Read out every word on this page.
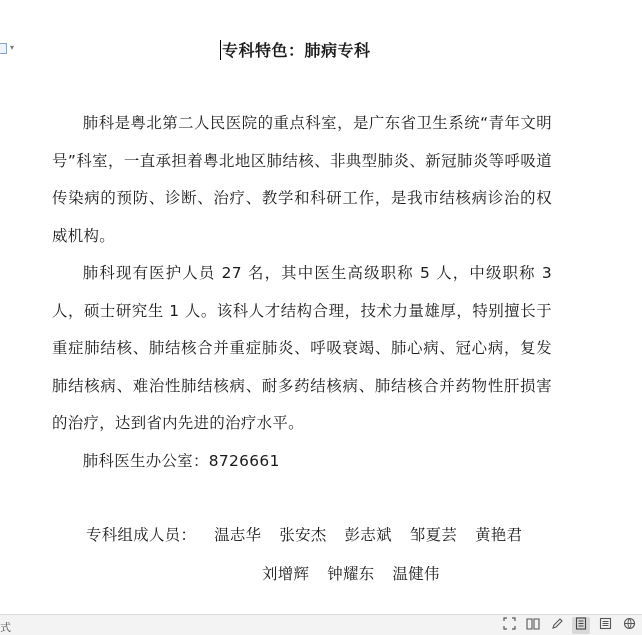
▾	专科特色：肺病专科
肺科是粤北第二人民医院的重点科室，是广东省卫生系统“青年文明号”科室，一直承担着粤北地区肺结核、非典型肺炎、新冠肺炎等呼吸道传染病的预防、诊断、治疗、教学和科研工作，是我市结核病诊治的权威机构。
肺科现有医护人员 27 名，其中医生高级职称 5 人，中级职称 3 人，硕士研究生 1 人。该科人才结构合理，技术力量雄厚，特别擅长于重症肺结核、肺结核合并重症肺炎、呼吸衰竭、肺心病、冠心病，复发肺结核病、难治性肺结核病、耐多药结核病、肺结核合并药物性肝损害的治疗，达到省内先进的治疗水平。
肺科医生办公室：8726661
专科组成人员： 温志华 张安杰 彭志斌 邹夏芸 黄艳君
刘增辉 钟耀东 温健伟
式
